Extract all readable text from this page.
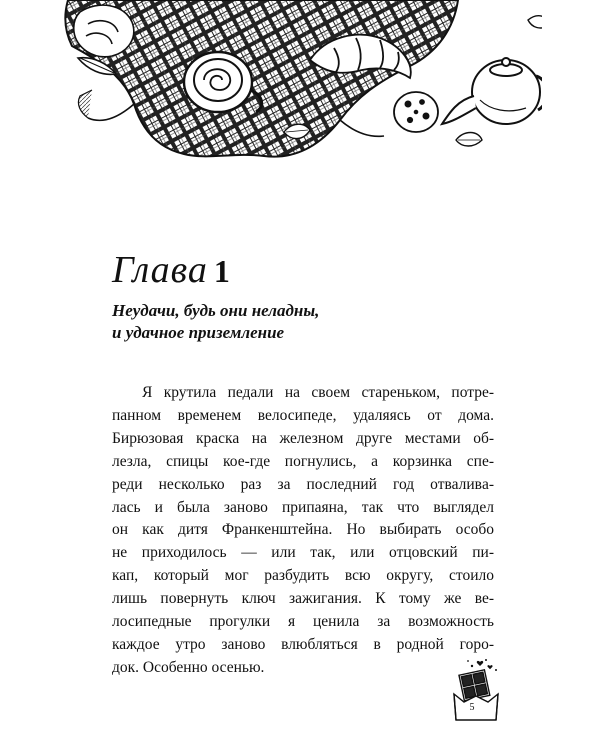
Глава 1
Неудачи, будь они неладны,
и удачное приземление
Я крутила педали на своем стареньком, потре-
панном временем велосипеде, удаляясь от дома.
Бирюзовая краска на железном друге местами об-
лезла, спицы кое-где погнулись, а корзинка спе-
реди несколько раз за последний год отваливa-
лась и была заново припаяна, так что выглядел
он как дитя Франкенштейна. Но выбирать особо
не приходилось — или так, или отцовский пи-
кап, который мог разбудить всю округу, стоило
лишь повернуть ключ зажигания. К тому же ве-
лосипедные прогулки я ценила за возможность
каждое утро заново влюбляться в родной горо-
док. Особенно осенью.
5
